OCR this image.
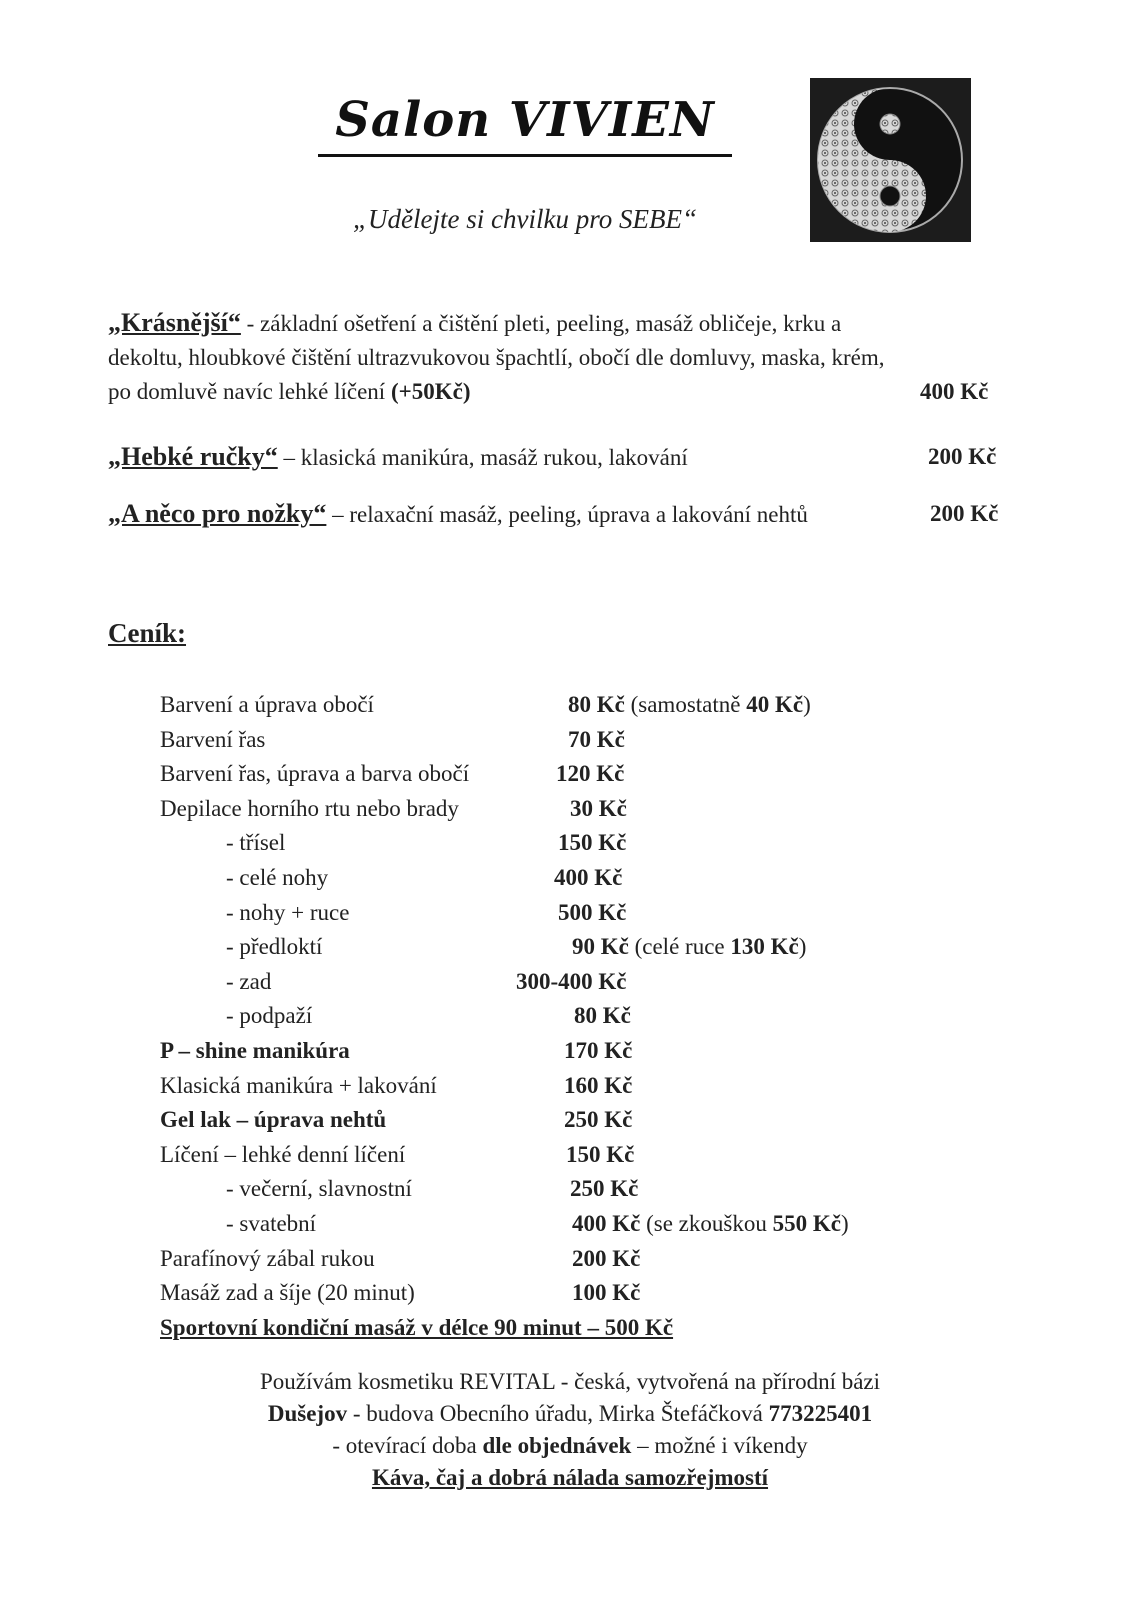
Salon VIVIEN
„Udělejte si chvilku pro SEBE“
„Krásnější“ - základní ošetření a čištění pleti, peeling, masáž obličeje, krku a
dekoltu, hloubkové čištění ultrazvukovou špachtlí, obočí dle domluvy, maska, krém,
po domluvě navíc lehké líčení (+50Kč)	400 Kč
„Hebké ručky“ – klasická manikúra, masáž rukou, lakování	200 Kč
„A něco pro nožky“ – relaxační masáž, peeling, úprava a lakování nehtů	200 Kč
Ceník:
Barvení a úprava obočí	80 Kč (samostatně 40 Kč)
Barvení řas	70 Kč
Barvení řas, úprava a barva obočí	120 Kč
Depilace horního rtu nebo brady	30 Kč
- třísel	150 Kč
- celé nohy	400 Kč
- nohy + ruce	500 Kč
- předloktí	90 Kč (celé ruce 130 Kč)
- zad	300-400 Kč
- podpaží	80 Kč
P – shine manikúra	170 Kč
Klasická manikúra + lakování	160 Kč
Gel lak – úprava nehtů	250 Kč
Líčení – lehké denní líčení	150 Kč
- večerní, slavnostní	250 Kč
- svatební	400 Kč (se zkouškou 550 Kč)
Parafínový zábal rukou	200 Kč
Masáž zad a šíje (20 minut)	100 Kč
Sportovní kondiční masáž v délce 90 minut – 500 Kč
Používám kosmetiku REVITAL - česká, vytvořená na přírodní bázi
Dušejov - budova Obecního úřadu, Mirka Štefáčková 773225401
- otevírací doba dle objednávek – možné i víkendy
Káva, čaj a dobrá nálada samozřejmostí
